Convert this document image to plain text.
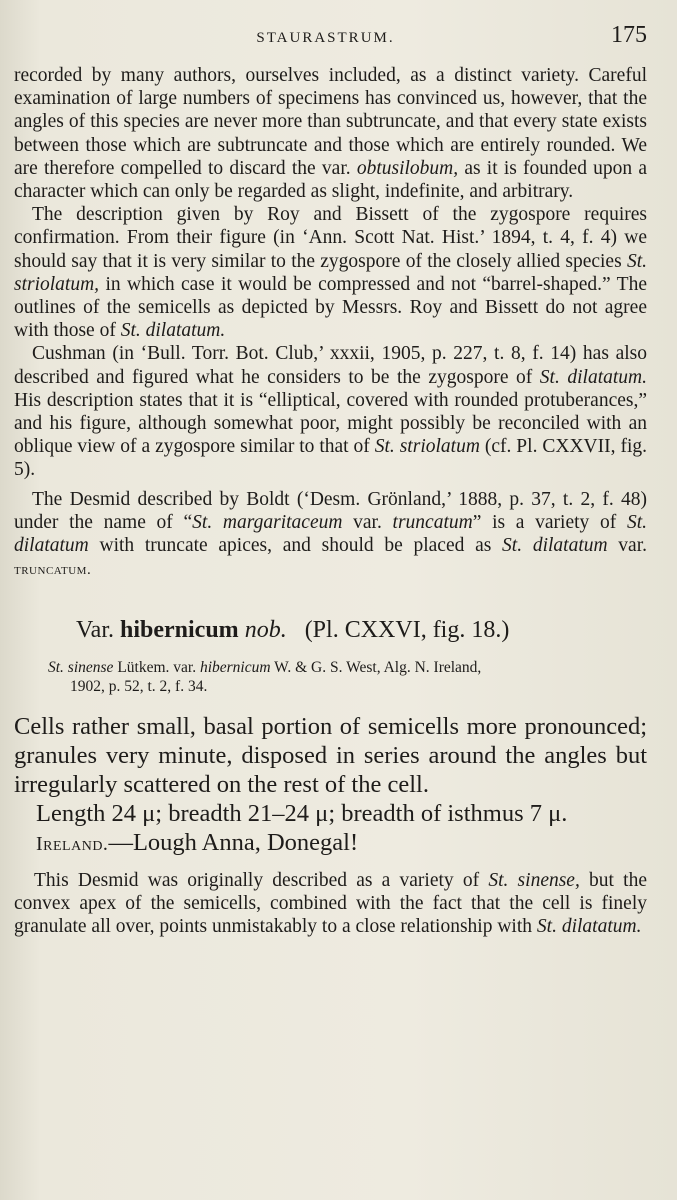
STAURASTRUM.	175

recorded by many authors, ourselves included, as a distinct variety. Careful examination of large numbers of specimens has convinced us, however, that the angles of this species are never more than subtruncate, and that every state exists between those which are subtruncate and those which are entirely rounded. We are therefore compelled to discard the var. obtusilobum, as it is founded upon a character which can only be regarded as slight, indefinite, and arbitrary.

The description given by Roy and Bissett of the zygospore requires confirmation. From their figure (in ‘Ann. Scott Nat. Hist.’ 1894, t. 4, f. 4) we should say that it is very similar to the zygospore of the closely allied species St. striolatum, in which case it would be compressed and not “barrel-shaped.” The outlines of the semicells as depicted by Messrs. Roy and Bissett do not agree with those of St. dilatatum.

Cushman (in ‘Bull. Torr. Bot. Club,’ xxxii, 1905, p. 227, t. 8, f. 14) has also described and figured what he considers to be the zygospore of St. dilatatum. His description states that it is “elliptical, covered with rounded protuberances,” and his figure, although somewhat poor, might possibly be reconciled with an oblique view of a zygospore similar to that of St. striolatum (cf. Pl. CXXVII, fig. 5).

The Desmid described by Boldt (‘Desm. Grönland,’ 1888, p. 37, t. 2, f. 48) under the name of “St. margaritaceum var. truncatum” is a variety of St. dilatatum with truncate apices, and should be placed as St. dilatatum var. truncatum.

Var. hibernicum nob. (Pl. CXXVI, fig. 18.)
St. sinense Lütkem. var. hibernicum W. & G. S. West, Alg. N. Ireland,
1902, p. 52, t. 2, f. 34.

Cells rather small, basal portion of semicells more pronounced; granules very minute, disposed in series around the angles but irregularly scattered on the rest of the cell.

Length 24 μ; breadth 21–24 μ; breadth of isthmus 7 μ.

Ireland.—Lough Anna, Donegal!

This Desmid was originally described as a variety of St. sinense, but the convex apex of the semicells, combined with the fact that the cell is finely granulate all over, points unmistakably to a close relationship with St. dilatatum.
